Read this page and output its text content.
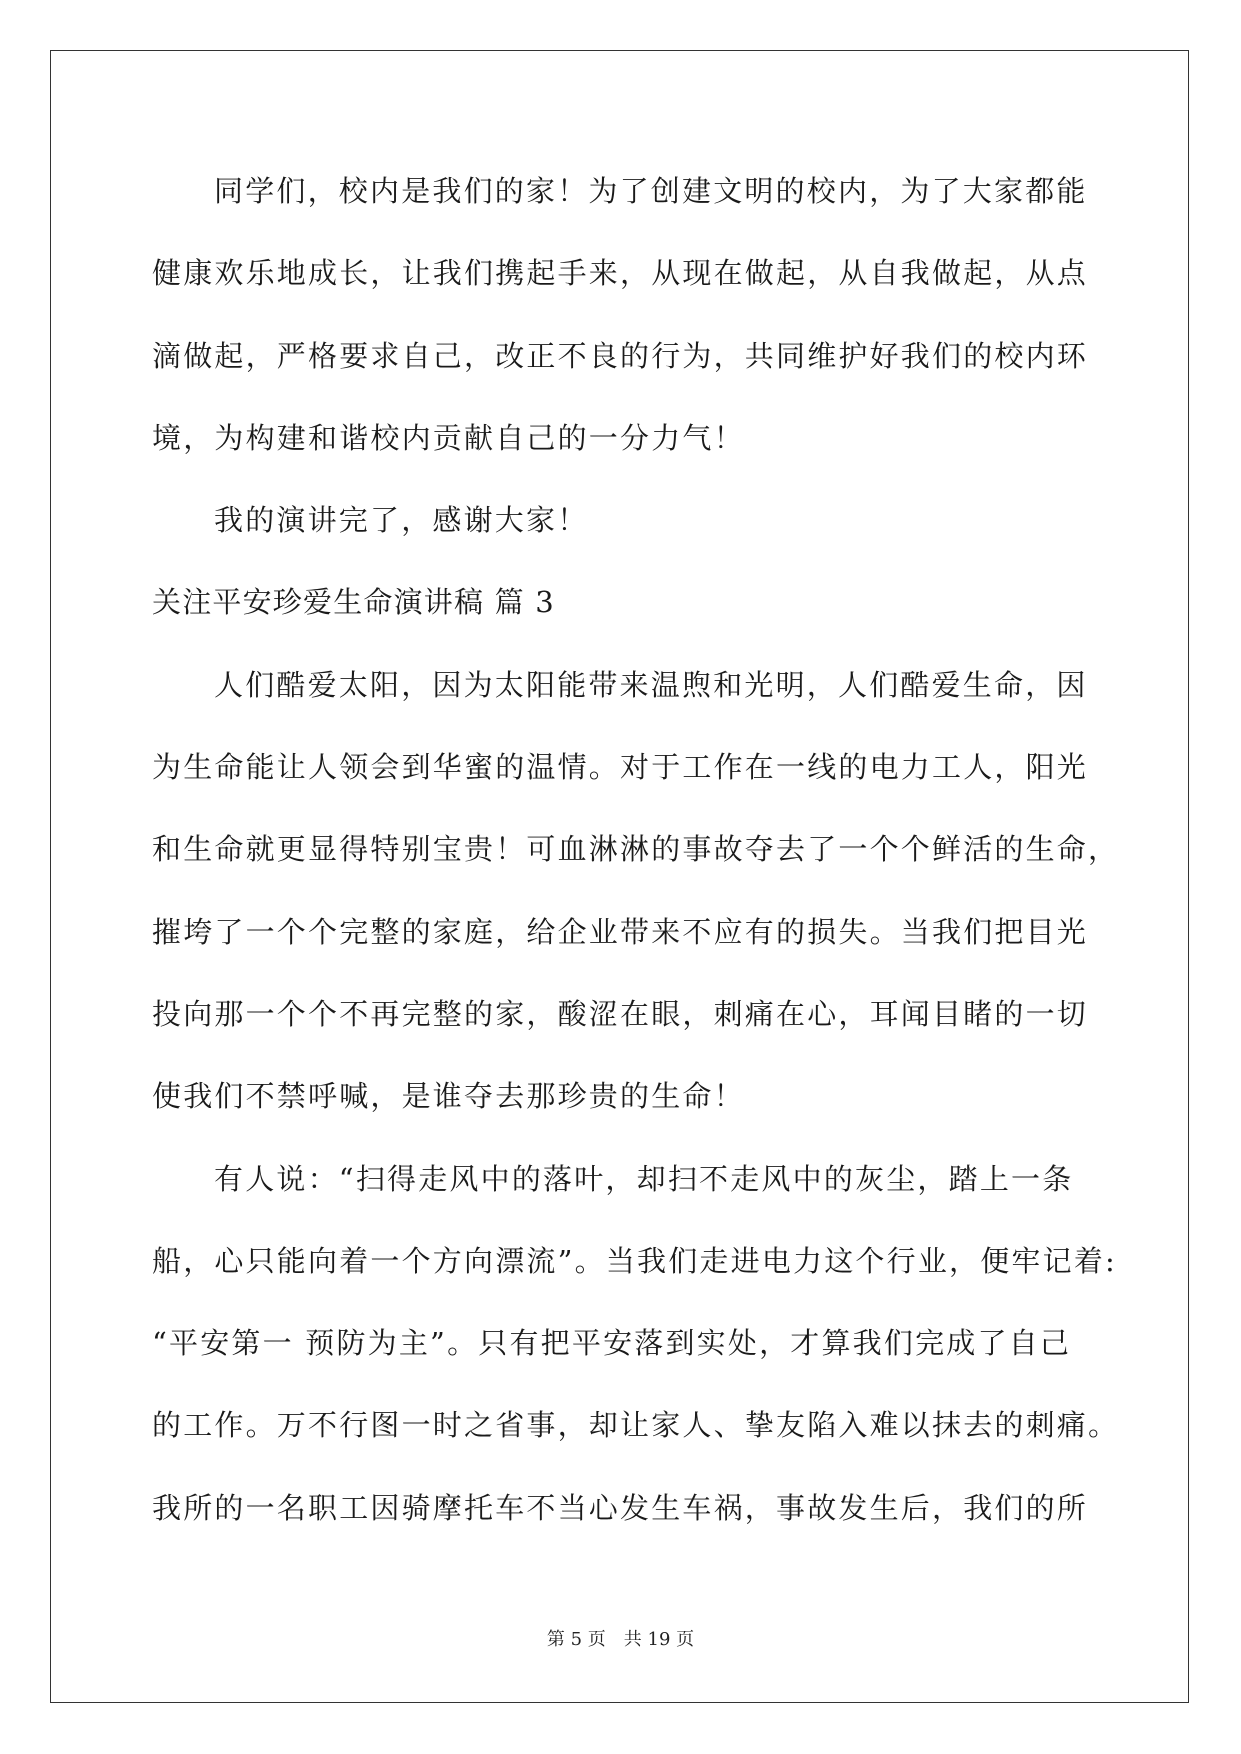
同学们，校内是我们的家！为了创建文明的校内，为了大家都能
健康欢乐地成长，让我们携起手来，从现在做起，从自我做起，从点
滴做起，严格要求自己，改正不良的行为，共同维护好我们的校内环
境，为构建和谐校内贡献自己的一分力气！
我的演讲完了，感谢大家！
关注平安珍爱生命演讲稿 篇 3
人们酷爱太阳，因为太阳能带来温煦和光明，人们酷爱生命，因
为生命能让人领会到华蜜的温情。对于工作在一线的电力工人，阳光
和生命就更显得特别宝贵！可血淋淋的事故夺去了一个个鲜活的生命，
摧垮了一个个完整的家庭，给企业带来不应有的损失。当我们把目光
投向那一个个不再完整的家，酸涩在眼，刺痛在心，耳闻目睹的一切
使我们不禁呼喊，是谁夺去那珍贵的生命！
有人说：“扫得走风中的落叶，却扫不走风中的灰尘，踏上一条
船，心只能向着一个方向漂流”。当我们走进电力这个行业，便牢记着:
“平安第一 预防为主”。只有把平安落到实处，才算我们完成了自己
的工作。万不行图一时之省事，却让家人、挚友陷入难以抹去的刺痛。
我所的一名职工因骑摩托车不当心发生车祸，事故发生后，我们的所
第 5 页 共 19 页
